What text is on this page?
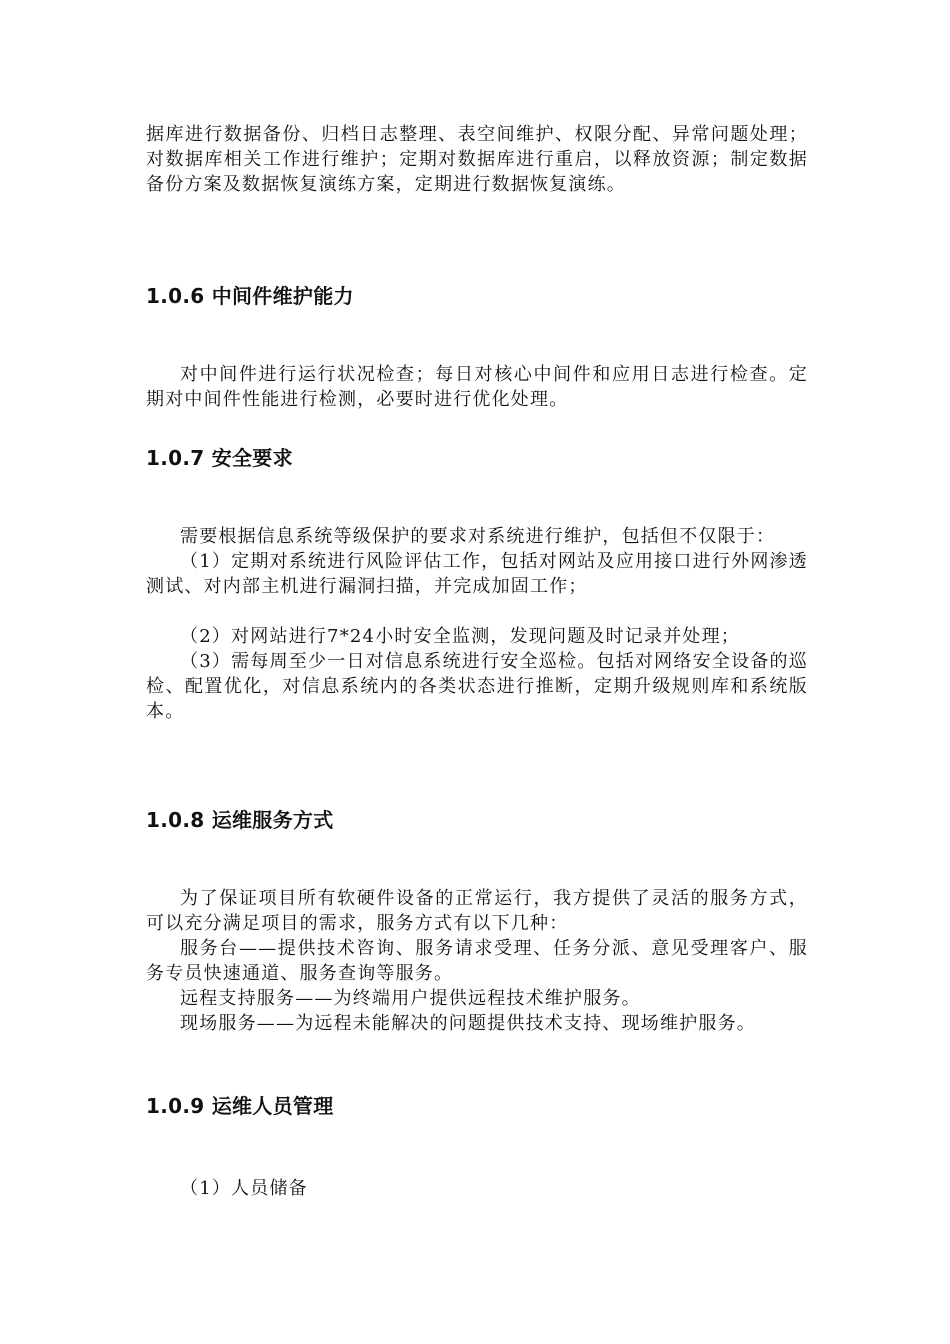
据库进行数据备份、归档日志整理、表空间维护、权限分配、异常问题处理；对数据库相关工作进行维护；定期对数据库进行重启，以释放资源；制定数据备份方案及数据恢复演练方案，定期进行数据恢复演练。

1.0.6 中间件维护能力

对中间件进行运行状况检查；每日对核心中间件和应用日志进行检查。定期对中间件性能进行检测，必要时进行优化处理。

1.0.7 安全要求

需要根据信息系统等级保护的要求对系统进行维护，包括但不仅限于：

（1）定期对系统进行风险评估工作，包括对网站及应用接口进行外网渗透测试、对内部主机进行漏洞扫描，并完成加固工作；

（2）对网站进行7*24小时安全监测，发现问题及时记录并处理；

（3）需每周至少一日对信息系统进行安全巡检。包括对网络安全设备的巡检、配置优化，对信息系统内的各类状态进行推断，定期升级规则库和系统版本。

1.0.8 运维服务方式

为了保证项目所有软硬件设备的正常运行，我方提供了灵活的服务方式，可以充分满足项目的需求，服务方式有以下几种：

服务台——提供技术咨询、服务请求受理、任务分派、意见受理客户、服务专员快速通道、服务查询等服务。

远程支持服务——为终端用户提供远程技术维护服务。

现场服务——为远程未能解决的问题提供技术支持、现场维护服务。

1.0.9 运维人员管理

（1）人员储备
